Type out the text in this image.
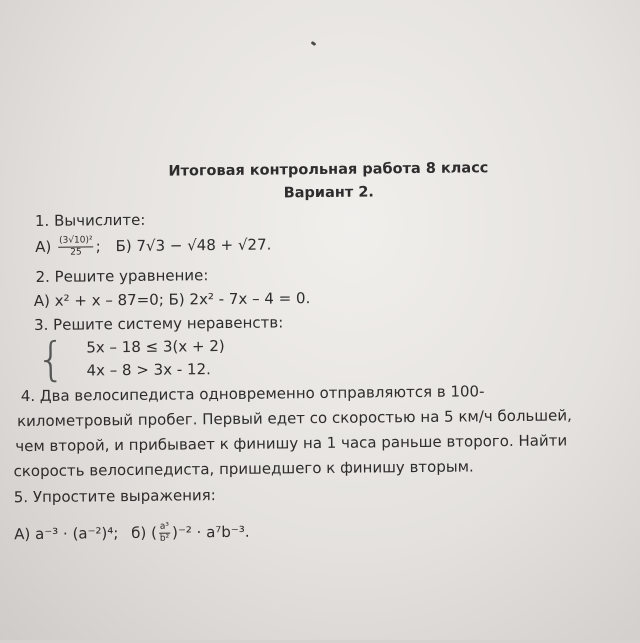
Итоговая контрольная работа 8 класс
Вариант 2.
1. Вычислите:
$А) \frac{\text{(3√10)²}}{25}$ ; Б) 7√3 − √48 + √27.
2. Решите уравнение:
А) x² + x – 87=0; Б) 2x² - 7x – 4 = 0.
3. Решите систему неравенств:
{ 5x – 18 ≤ 3(x + 2)
4x – 8 > 3x - 12.
4. Два велосипедиста одновременно отправляются в 100-
километровый пробег. Первый едет со скоростью на 5 км/ч большей,
чем второй, и прибывает к финишу на 1 часа раньше второго. Найти
скорость велосипедиста, пришедшего к финишу вторым.
5. Упростите выражения:
А) a⁻³ · (a⁻²)⁴; б) ( $\frac{\text{a³}}{\text{b²}} )^{-2} \cdot a^7b^{-3}$.
